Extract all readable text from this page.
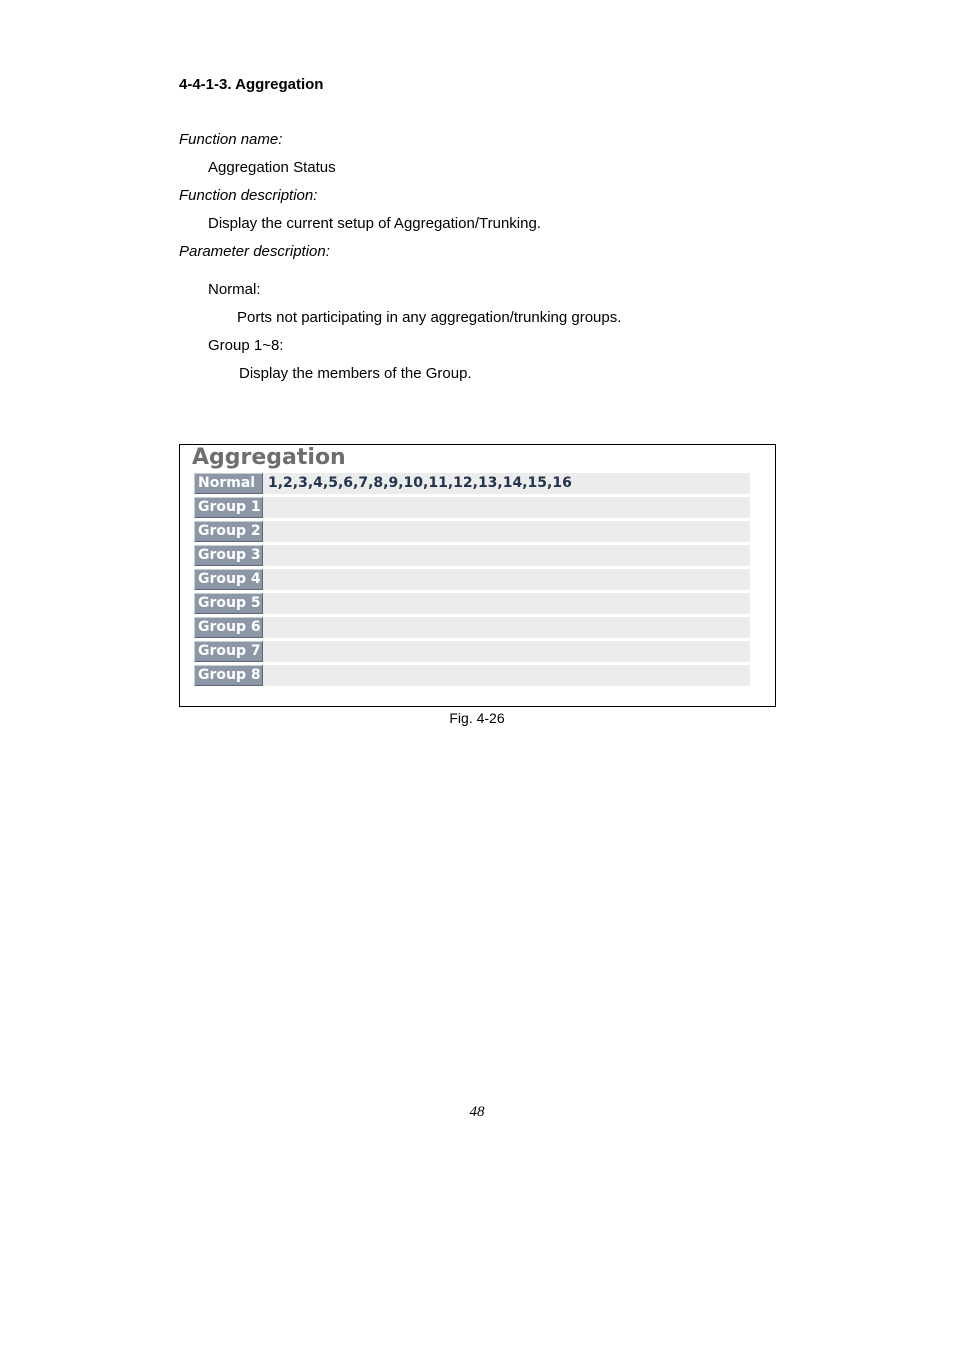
4-4-1-3. Aggregation
Function name:
Aggregation Status
Function description:
Display the current setup of Aggregation/Trunking.
Parameter description:
Normal:
Ports not participating in any aggregation/trunking groups.
Group 1~8:
Display the members of the Group.
Aggregation
Normal 1,2,3,4,5,6,7,8,9,10,11,12,13,14,15,16
Group 1
Group 2
Group 3
Group 4
Group 5
Group 6
Group 7
Group 8
Fig. 4-26
48
